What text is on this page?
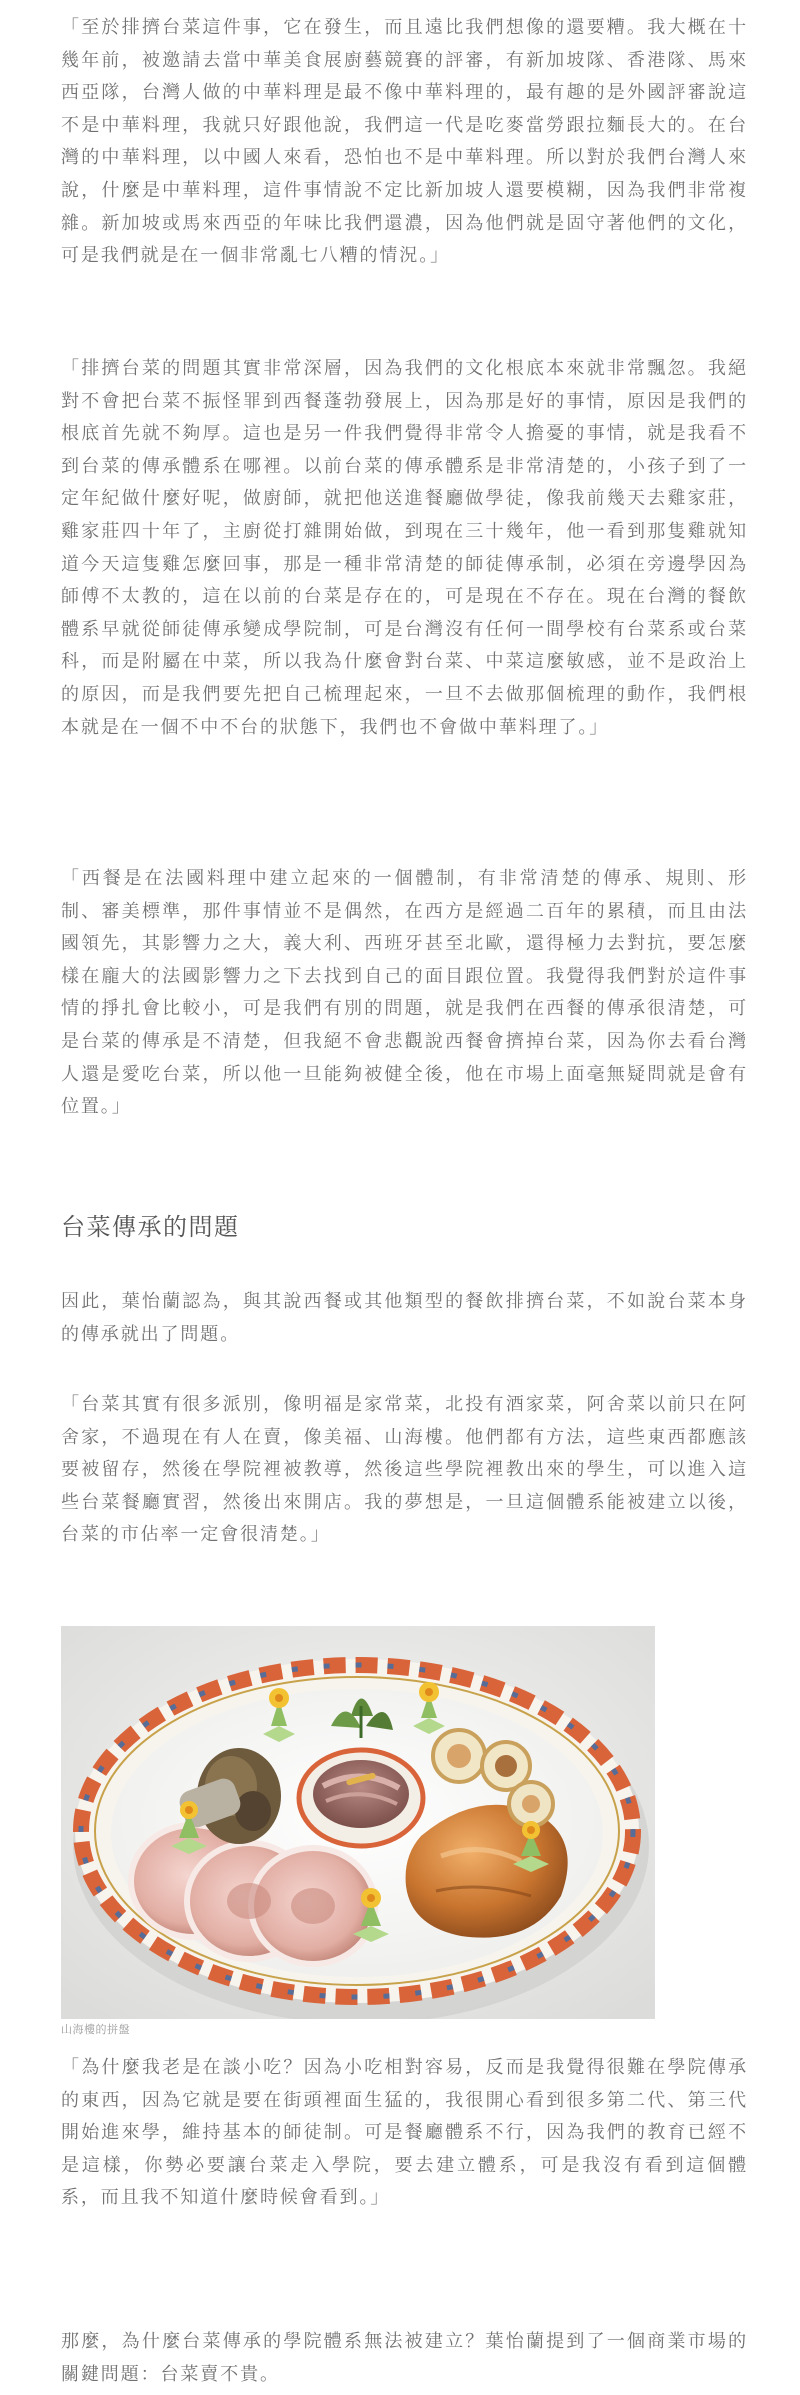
「至於排擠台菜這件事，它在發生，而且遠比我們想像的還要糟。我大概在十幾年前，被邀請去當中華美食展廚藝競賽的評審，有新加坡隊、香港隊、馬來西亞隊，台灣人做的中華料理是最不像中華料理的，最有趣的是外國評審說這不是中華料理，我就只好跟他說，我們這一代是吃麥當勞跟拉麵長大的。在台灣的中華料理，以中國人來看，恐怕也不是中華料理。所以對於我們台灣人來說，什麼是中華料理，這件事情說不定比新加坡人還要模糊，因為我們非常複雜。新加坡或馬來西亞的年味比我們還濃，因為他們就是固守著他們的文化，可是我們就是在一個非常亂七八糟的情況。」

「排擠台菜的問題其實非常深層，因為我們的文化根底本來就非常飄忽。我絕對不會把台菜不振怪罪到西餐蓬勃發展上，因為那是好的事情，原因是我們的根底首先就不夠厚。這也是另一件我們覺得非常令人擔憂的事情，就是我看不到台菜的傳承體系在哪裡。以前台菜的傳承體系是非常清楚的，小孩子到了一定年紀做什麼好呢，做廚師，就把他送進餐廳做學徒，像我前幾天去雞家莊，雞家莊四十年了，主廚從打雜開始做，到現在三十幾年，他一看到那隻雞就知道今天這隻雞怎麼回事，那是一種非常清楚的師徒傳承制，必須在旁邊學因為師傅不太教的，這在以前的台菜是存在的，可是現在不存在。現在台灣的餐飲體系早就從師徒傳承變成學院制，可是台灣沒有任何一間學校有台菜系或台菜科，而是附屬在中菜，所以我為什麼會對台菜、中菜這麼敏感，並不是政治上的原因，而是我們要先把自己梳理起來，一旦不去做那個梳理的動作，我們根本就是在一個不中不台的狀態下，我們也不會做中華料理了。」

「西餐是在法國料理中建立起來的一個體制，有非常清楚的傳承、規則、形制、審美標準，那件事情並不是偶然，在西方是經過二百年的累積，而且由法國領先，其影響力之大，義大利、西班牙甚至北歐，還得極力去對抗，要怎麼樣在龐大的法國影響力之下去找到自己的面目跟位置。我覺得我們對於這件事情的掙扎會比較小，可是我們有別的問題，就是我們在西餐的傳承很清楚，可是台菜的傳承是不清楚，但我絕不會悲觀說西餐會擠掉台菜，因為你去看台灣人還是愛吃台菜，所以他一旦能夠被健全後，他在市場上面毫無疑問就是會有位置。」

台菜傳承的問題

因此，葉怡蘭認為，與其說西餐或其他類型的餐飲排擠台菜，不如說台菜本身的傳承就出了問題。

「台菜其實有很多派別，像明福是家常菜，北投有酒家菜，阿舍菜以前只在阿舍家，不過現在有人在賣，像美福、山海樓。他們都有方法，這些東西都應該要被留存，然後在學院裡被教導，然後這些學院裡教出來的學生，可以進入這些台菜餐廳實習，然後出來開店。我的夢想是，一旦這個體系能被建立以後，台菜的市佔率一定會很清楚。」

山海樓的拼盤

「為什麼我老是在談小吃？因為小吃相對容易，反而是我覺得很難在學院傳承的東西，因為它就是要在街頭裡面生猛的，我很開心看到很多第二代、第三代開始進來學，維持基本的師徒制。可是餐廳體系不行，因為我們的教育已經不是這樣，你勢必要讓台菜走入學院，要去建立體系，可是我沒有看到這個體系，而且我不知道什麼時候會看到。」

那麼，為什麼台菜傳承的學院體系無法被建立？葉怡蘭提到了一個商業市場的關鍵問題：台菜賣不貴。
